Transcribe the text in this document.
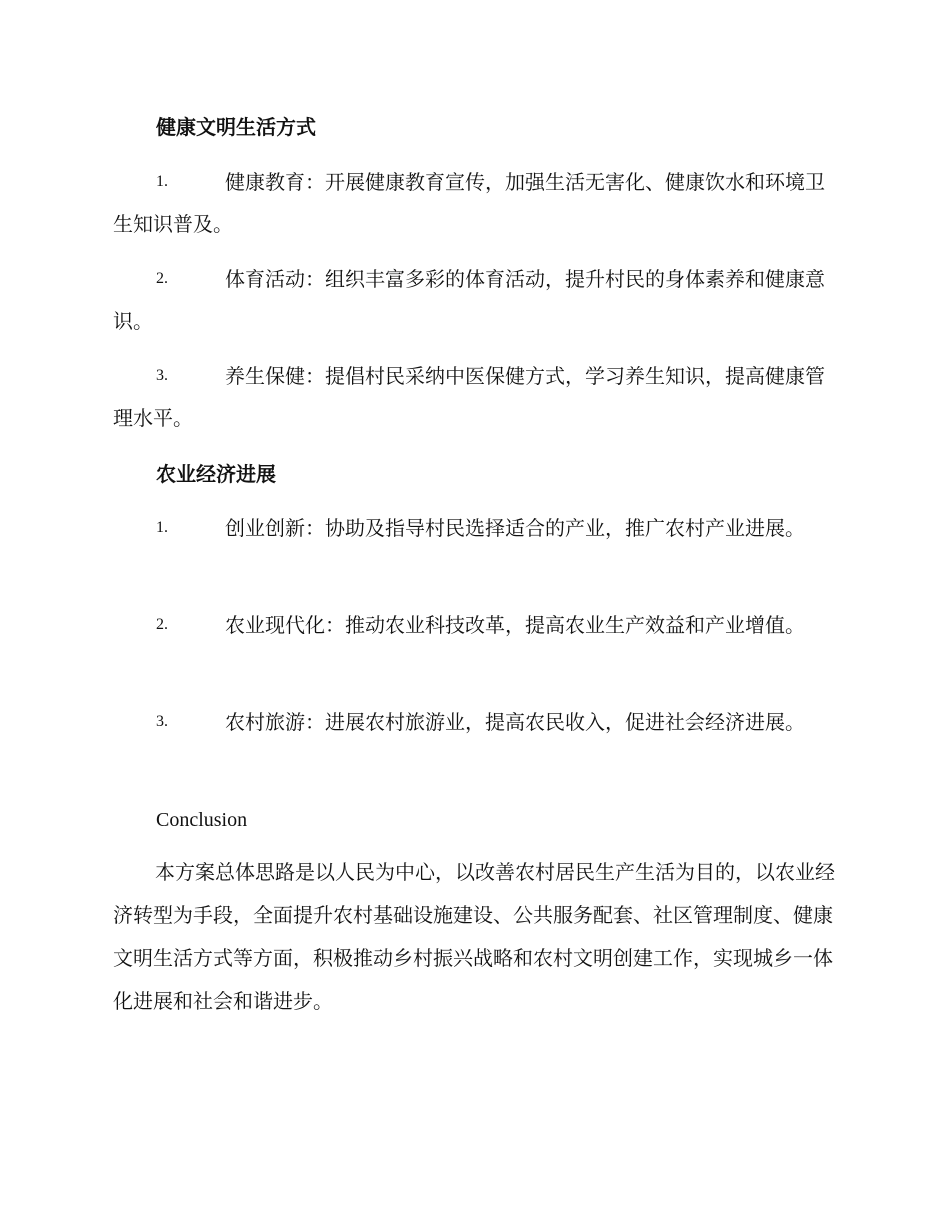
健康文明生活方式
1.	健康教育：开展健康教育宣传，加强生活无害化、健康饮水和环境卫生知识普及。

2.	体育活动：组织丰富多彩的体育活动，提升村民的身体素养和健康意识。

3.	养生保健：提倡村民采纳中医保健方式，学习养生知识，提高健康管理水平。

农业经济进展
1.	创业创新：协助及指导村民选择适合的产业，推广农村产业进展。

2.	农业现代化：推动农业科技改革，提高农业生产效益和产业增值。

3.	农村旅游：进展农村旅游业，提高农民收入，促进社会经济进展。

Conclusion

本方案总体思路是以人民为中心，以改善农村居民生产生活为目的，以农业经济转型为手段，全面提升农村基础设施建设、公共服务配套、社区管理制度、健康文明生活方式等方面，积极推动乡村振兴战略和农村文明创建工作，实现城乡一体化进展和社会和谐进步。
